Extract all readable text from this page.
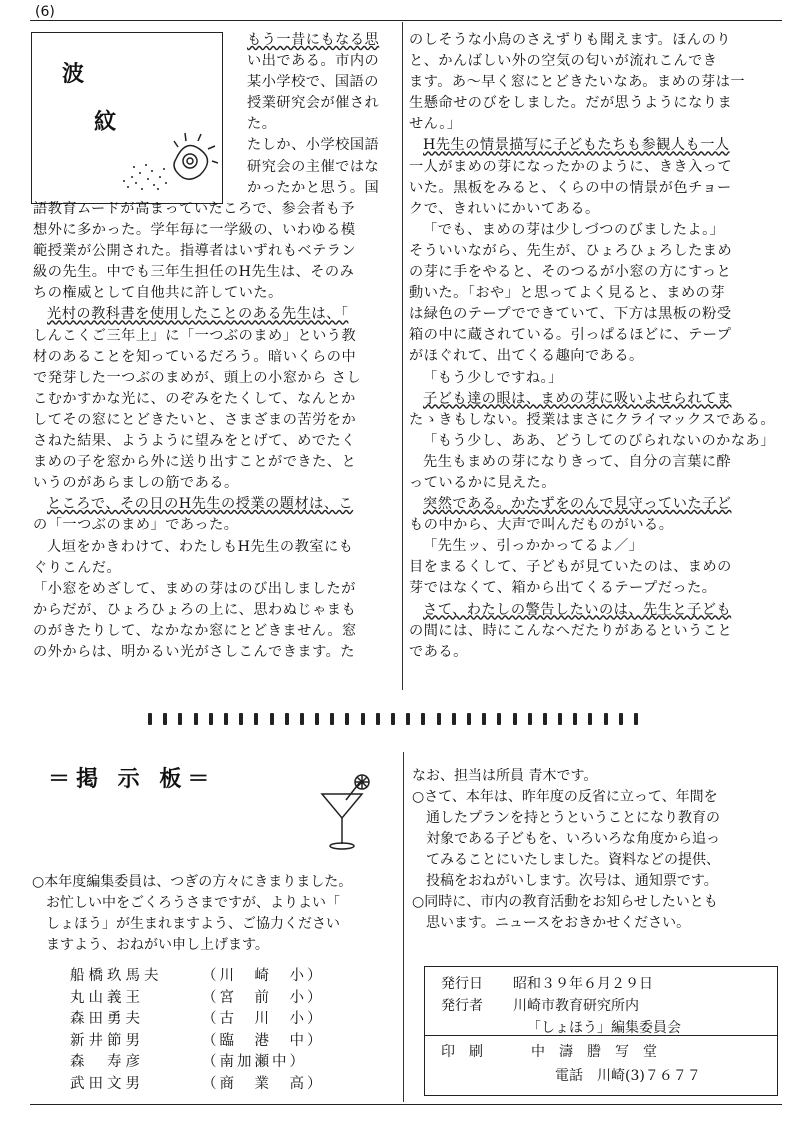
(6)
波
紋

もう一昔にもなる思

い出である。市内の

某小学校で、国語の

授業研究会が催され

た。

たしか、小学校国語

研究会の主催ではな

かったかと思う。国

語教育ムードが高まっていたころで、参会者も予

想外に多かった。学年毎に一学級の、いわゆる模

範授業が公開された。指導者はいずれもベテラン

級の先生。中でも三年生担任のH先生は、そのみ

ちの権威として自他共に許していた。

光村の教科書を使用したことのある先生は、「

しんこくご三年上」に「一つぶのまめ」という教

材のあることを知っているだろう。暗いくらの中

で発芽した一つぶのまめが、頭上の小窓から さし

こむかすかな光に、のぞみをたくして、なんとか

してその窓にとどきたいと、さまざまの苦労をか

さねた結果、ようように望みをとげて、めでたく

まめの子を窓から外に送り出すことができた、と

いうのがあらましの筋である。

ところで、その日のH先生の授業の題材は、こ

の「一つぶのまめ」であった。

人垣をかきわけて、わたしもH先生の教室にも

ぐりこんだ。

「小窓をめざして、まめの芽はのび出しましたが

からだが、ひょろひょろの上に、思わぬじゃまも

のがきたりして、なかなか窓にとどきません。窓

の外からは、明かるい光がさしこんできます。た

のしそうな小鳥のさえずりも聞えます。ほんのり

と、かんばしい外の空気の匂いが流れこんでき

ます。あ〜早く窓にとどきたいなあ。まめの芽は一

生懸命せのびをしました。だが思うようになりま

せん。」

H先生の情景描写に子どもたちも参観人も一人

一人がまめの芽になったかのように、きき入って

いた。黒板をみると、くらの中の情景が色チョー

クで、きれいにかいてある。

「でも、まめの芽は少しづつのびましたよ。」

そういいながら、先生が、ひょろひょろしたまめ

の芽に手をやると、そのつるが小窓の方にすっと

動いた。「おや」と思ってよく見ると、まめの芽

は緑色のテープでできていて、下方は黒板の粉受

箱の中に蔵されている。引っぱるほどに、テープ

がほぐれて、出てくる趣向である。

「もう少しですね。」

子ども達の眼は、まめの芽に吸いよせられてま

たゝきもしない。授業はまさにクライマックスである。

「もう少し、ああ、どうしてのびられないのかなあ」

先生もまめの芽になりきって、自分の言葉に酔

っているかに見えた。

突然である。かたずをのんで見守っていた子ど

もの中から、大声で叫んだものがいる。

「先生ッ、引っかかってるよ／」

目をまるくして、子どもが見ていたのは、まめの

芽ではなくて、箱から出てくるテープだった。

さて、わたしの警告したいのは、先生と子ども

の間には、時にこんなへだたりがあるということ

である。

＝掲 示 板＝

○本年度編集委員は、つぎの方々にきまりました。

　お忙しい中をごくろうさまですが、よりよい「

　しょほう」が生まれますよう、ご協力ください

　ますよう、おねがい申し上げます。

船橋玖馬夫	（川　崎　小）
丸山義王	（宮　前　小）
森田勇夫	（古　川　小）
新井節男	（臨　港　中）
森　寿彦	（南加瀬中）
武田文男	（商　業　高）

なお、担当は所員 青木です。

○さて、本年は、昨年度の反省に立って、年間を

　通したプランを持とうということになり教育の

　対象である子どもを、いろいろな角度から追っ

　てみることにいたしました。資料などの提供、

　投稿をおねがいします。次号は、通知票です。

○同時に、市内の教育活動をお知らせしたいとも

　思います。ニュースをおきかせください。

発行日	昭和３９年６月２９日
発行者	川崎市教育研究所内
「しょほう」編集委員会
印　刷	中　濤　謄　写　堂
電話　川崎(3)７６７７
